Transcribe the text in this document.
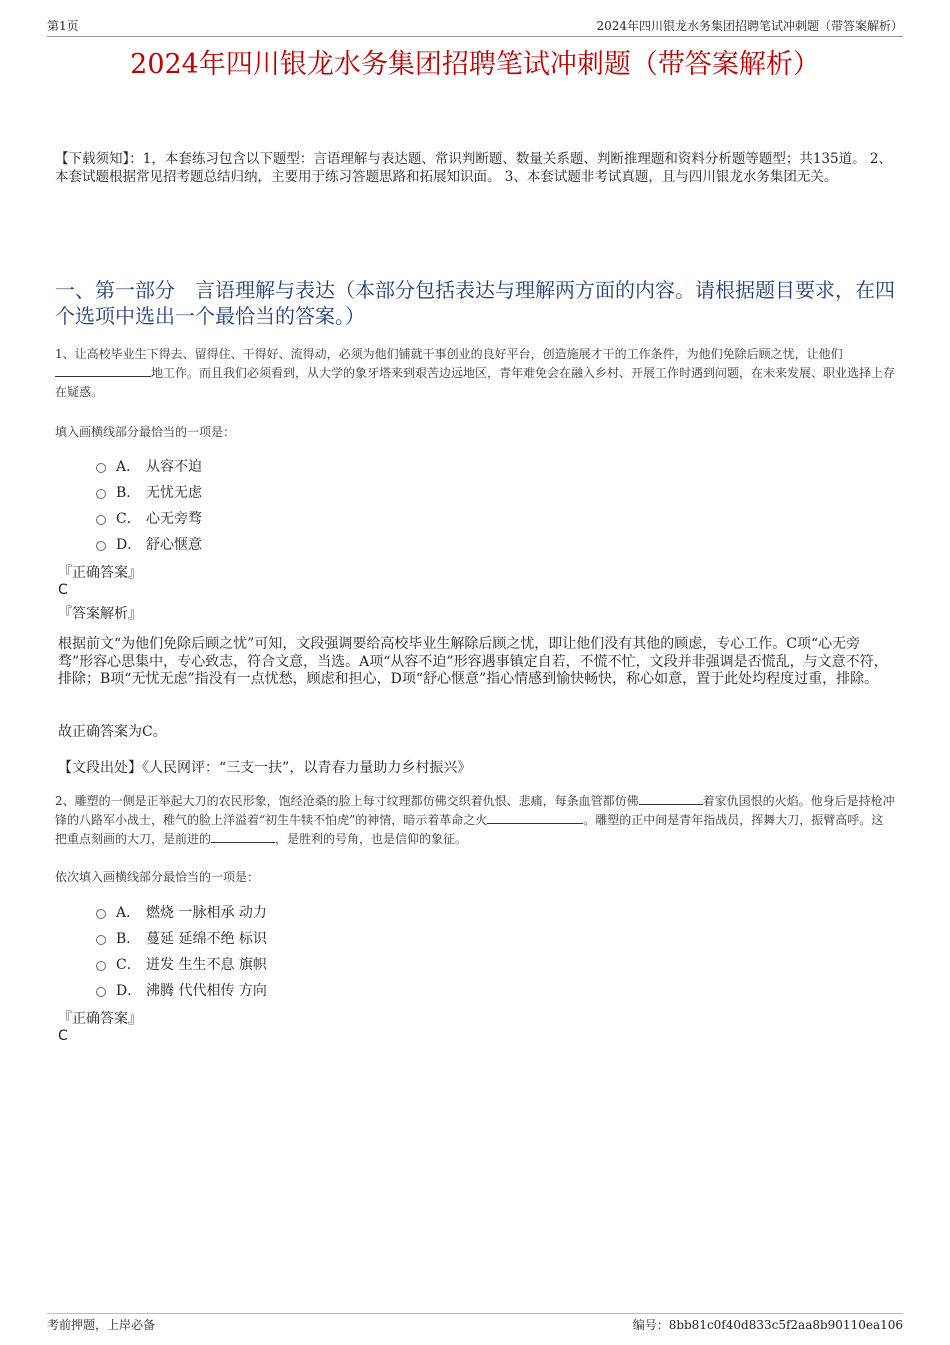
第1页	2024年四川银龙水务集团招聘笔试冲刺题（带答案解析）
2024年四川银龙水务集团招聘笔试冲刺题（带答案解析）
【下载须知】：1，本套练习包含以下题型：言语理解与表达题、常识判断题、数量关系题、判断推理题和资料分析题等题型；共135道。 2、本套试题根据常见招考题总结归纳，主要用于练习答题思路和拓展知识面。 3、本套试题非考试真题，且与四川银龙水务集团无关。
一、第一部分　言语理解与表达（本部分包括表达与理解两方面的内容。请根据题目要求，在四个选项中选出一个最恰当的答案。）
1、让高校毕业生下得去、留得住、干得好、流得动，必须为他们铺就干事创业的良好平台，创造施展才干的工作条件，为他们免除后顾之忧，让他们地工作。而且我们必须看到，从大学的象牙塔来到艰苦边远地区，青年难免会在融入乡村、开展工作时遇到问题，在未来发展、职业选择上存在疑惑。
填入画横线部分最恰当的一项是：
A． 从容不迫
B． 无忧无虑
C． 心无旁骛
D． 舒心惬意
『正确答案』
C
『答案解析』
根据前文“为他们免除后顾之忧”可知，文段强调要给高校毕业生解除后顾之忧，即让他们没有其他的顾虑，专心工作。C项“心无旁骛”形容心思集中，专心致志，符合文意，当选。A项“从容不迫”形容遇事镇定自若，不慌不忙，文段并非强调是否慌乱，与文意不符，排除；B项“无忧无虑”指没有一点忧愁，顾虑和担心，D项“舒心惬意”指心情感到愉快畅快，称心如意，置于此处均程度过重，排除。
故正确答案为C。
【文段出处】《人民网评：“三支一扶”，以青春力量助力乡村振兴》
2、雕塑的一侧是正举起大刀的农民形象，饱经沧桑的脸上每寸纹理都仿佛交织着仇恨、悲痛，每条血管都仿佛	着家仇国恨的火焰。他身后是持枪冲锋的八路军小战士，稚气的脸上洋溢着“初生牛犊不怕虎”的神情，暗示着革命之火	。雕塑的正中间是青年指战员，挥舞大刀，振臂高呼。这把重点刻画的大刀，是前进的	，是胜利的号角，也是信仰的象征。
依次填入画横线部分最恰当的一项是：
A． 燃烧 一脉相承 动力
B． 蔓延 延绵不绝 标识
C． 迸发 生生不息 旗帜
D． 沸腾 代代相传 方向
『正确答案』
C
考前押题，上岸必备	编号：8bb81c0f40d833c5f2aa8b90110ea106
